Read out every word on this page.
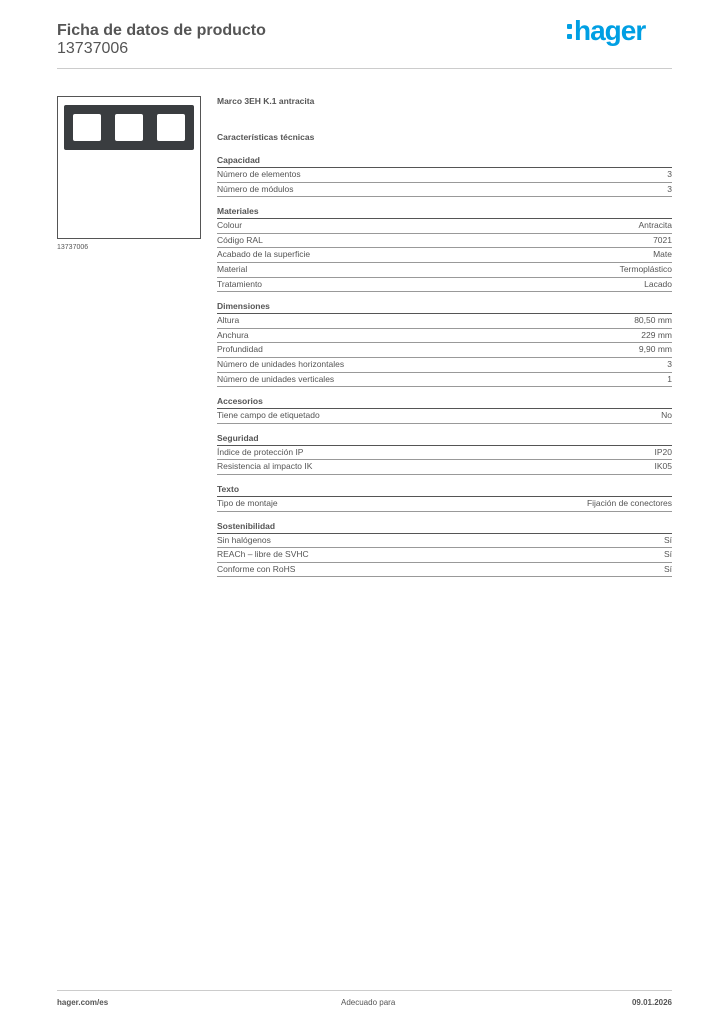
Ficha de datos de producto
13737006
hager
13737006
Marco 3EH K.1 antracita
Características técnicas
Capacidad
Número de elementos	3
Número de módulos	3
Materiales
Colour	Antracita
Código RAL	7021
Acabado de la superficie	Mate
Material	Termoplástico
Tratamiento	Lacado
Dimensiones
Altura	80,50 mm
Anchura	229 mm
Profundidad	9,90 mm
Número de unidades horizontales	3
Número de unidades verticales	1
Accesorios
Tiene campo de etiquetado	No
Seguridad
Índice de protección IP	IP20
Resistencia al impacto IK	IK05
Texto
Tipo de montaje	Fijación de conectores
Sostenibilidad
Sin halógenos	Sí
REACh – libre de SVHC	Sí
Conforme con RoHS	Sí
hager.com/es	Adecuado para	09.01.2026
